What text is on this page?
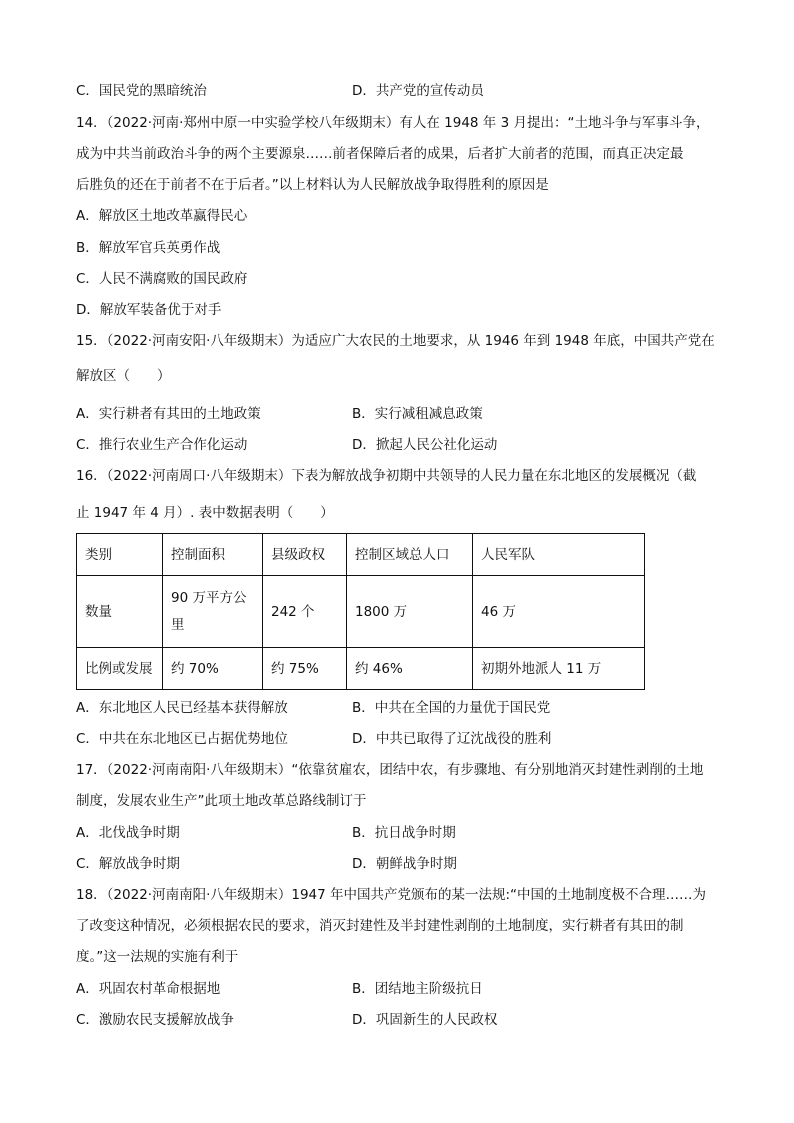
C．国民党的黑暗统治	D．共产党的宣传动员
14．（2022·河南·郑州中原一中实验学校八年级期末）有人在 1948 年 3 月提出：“土地斗争与军事斗争，
成为中共当前政治斗争的两个主要源泉……前者保障后者的成果，后者扩大前者的范围，而真正决定最
后胜负的还在于前者不在于后者。”以上材料认为人民解放战争取得胜利的原因是
A．解放区土地改革赢得民心
B．解放军官兵英勇作战
C．人民不满腐败的国民政府
D．解放军装备优于对手
15．（2022·河南安阳·八年级期末）为适应广大农民的土地要求，从 1946 年到 1948 年底，中国共产党在
解放区（　　）
A．实行耕者有其田的土地政策	B．实行减租减息政策
C．推行农业生产合作化运动	D．掀起人民公社化运动
16．（2022·河南周口·八年级期末）下表为解放战争初期中共领导的人民力量在东北地区的发展概况（截
止 1947 年 4 月）. 表中数据表明（　　）
类别	控制面积	县级政权	控制区域总人口	人民军队
数量	90 万平方公
里	242 个	1800 万	46 万
比例或发展	约 70%	约 75%	约 46%	初期外地派人 11 万
A．东北地区人民已经基本获得解放	B．中共在全国的力量优于国民党
C．中共在东北地区已占据优势地位	D．中共已取得了辽沈战役的胜利
17．（2022·河南南阳·八年级期末）“依靠贫雇农，团结中农，有步骤地、有分别地消灭封建性剥削的土地
制度，发展农业生产”此项土地改革总路线制订于
A．北伐战争时期	B．抗日战争时期
C．解放战争时期	D．朝鲜战争时期
18．（2022·河南南阳·八年级期末）1947 年中国共产党颁布的某一法规:“中国的土地制度极不合理……为
了改变这种情况，必须根据农民的要求，消灭封建性及半封建性剥削的土地制度，实行耕者有其田的制
度。”这一法规的实施有利于
A．巩固农村革命根据地	B．团结地主阶级抗日
C．激励农民支援解放战争	D．巩固新生的人民政权
